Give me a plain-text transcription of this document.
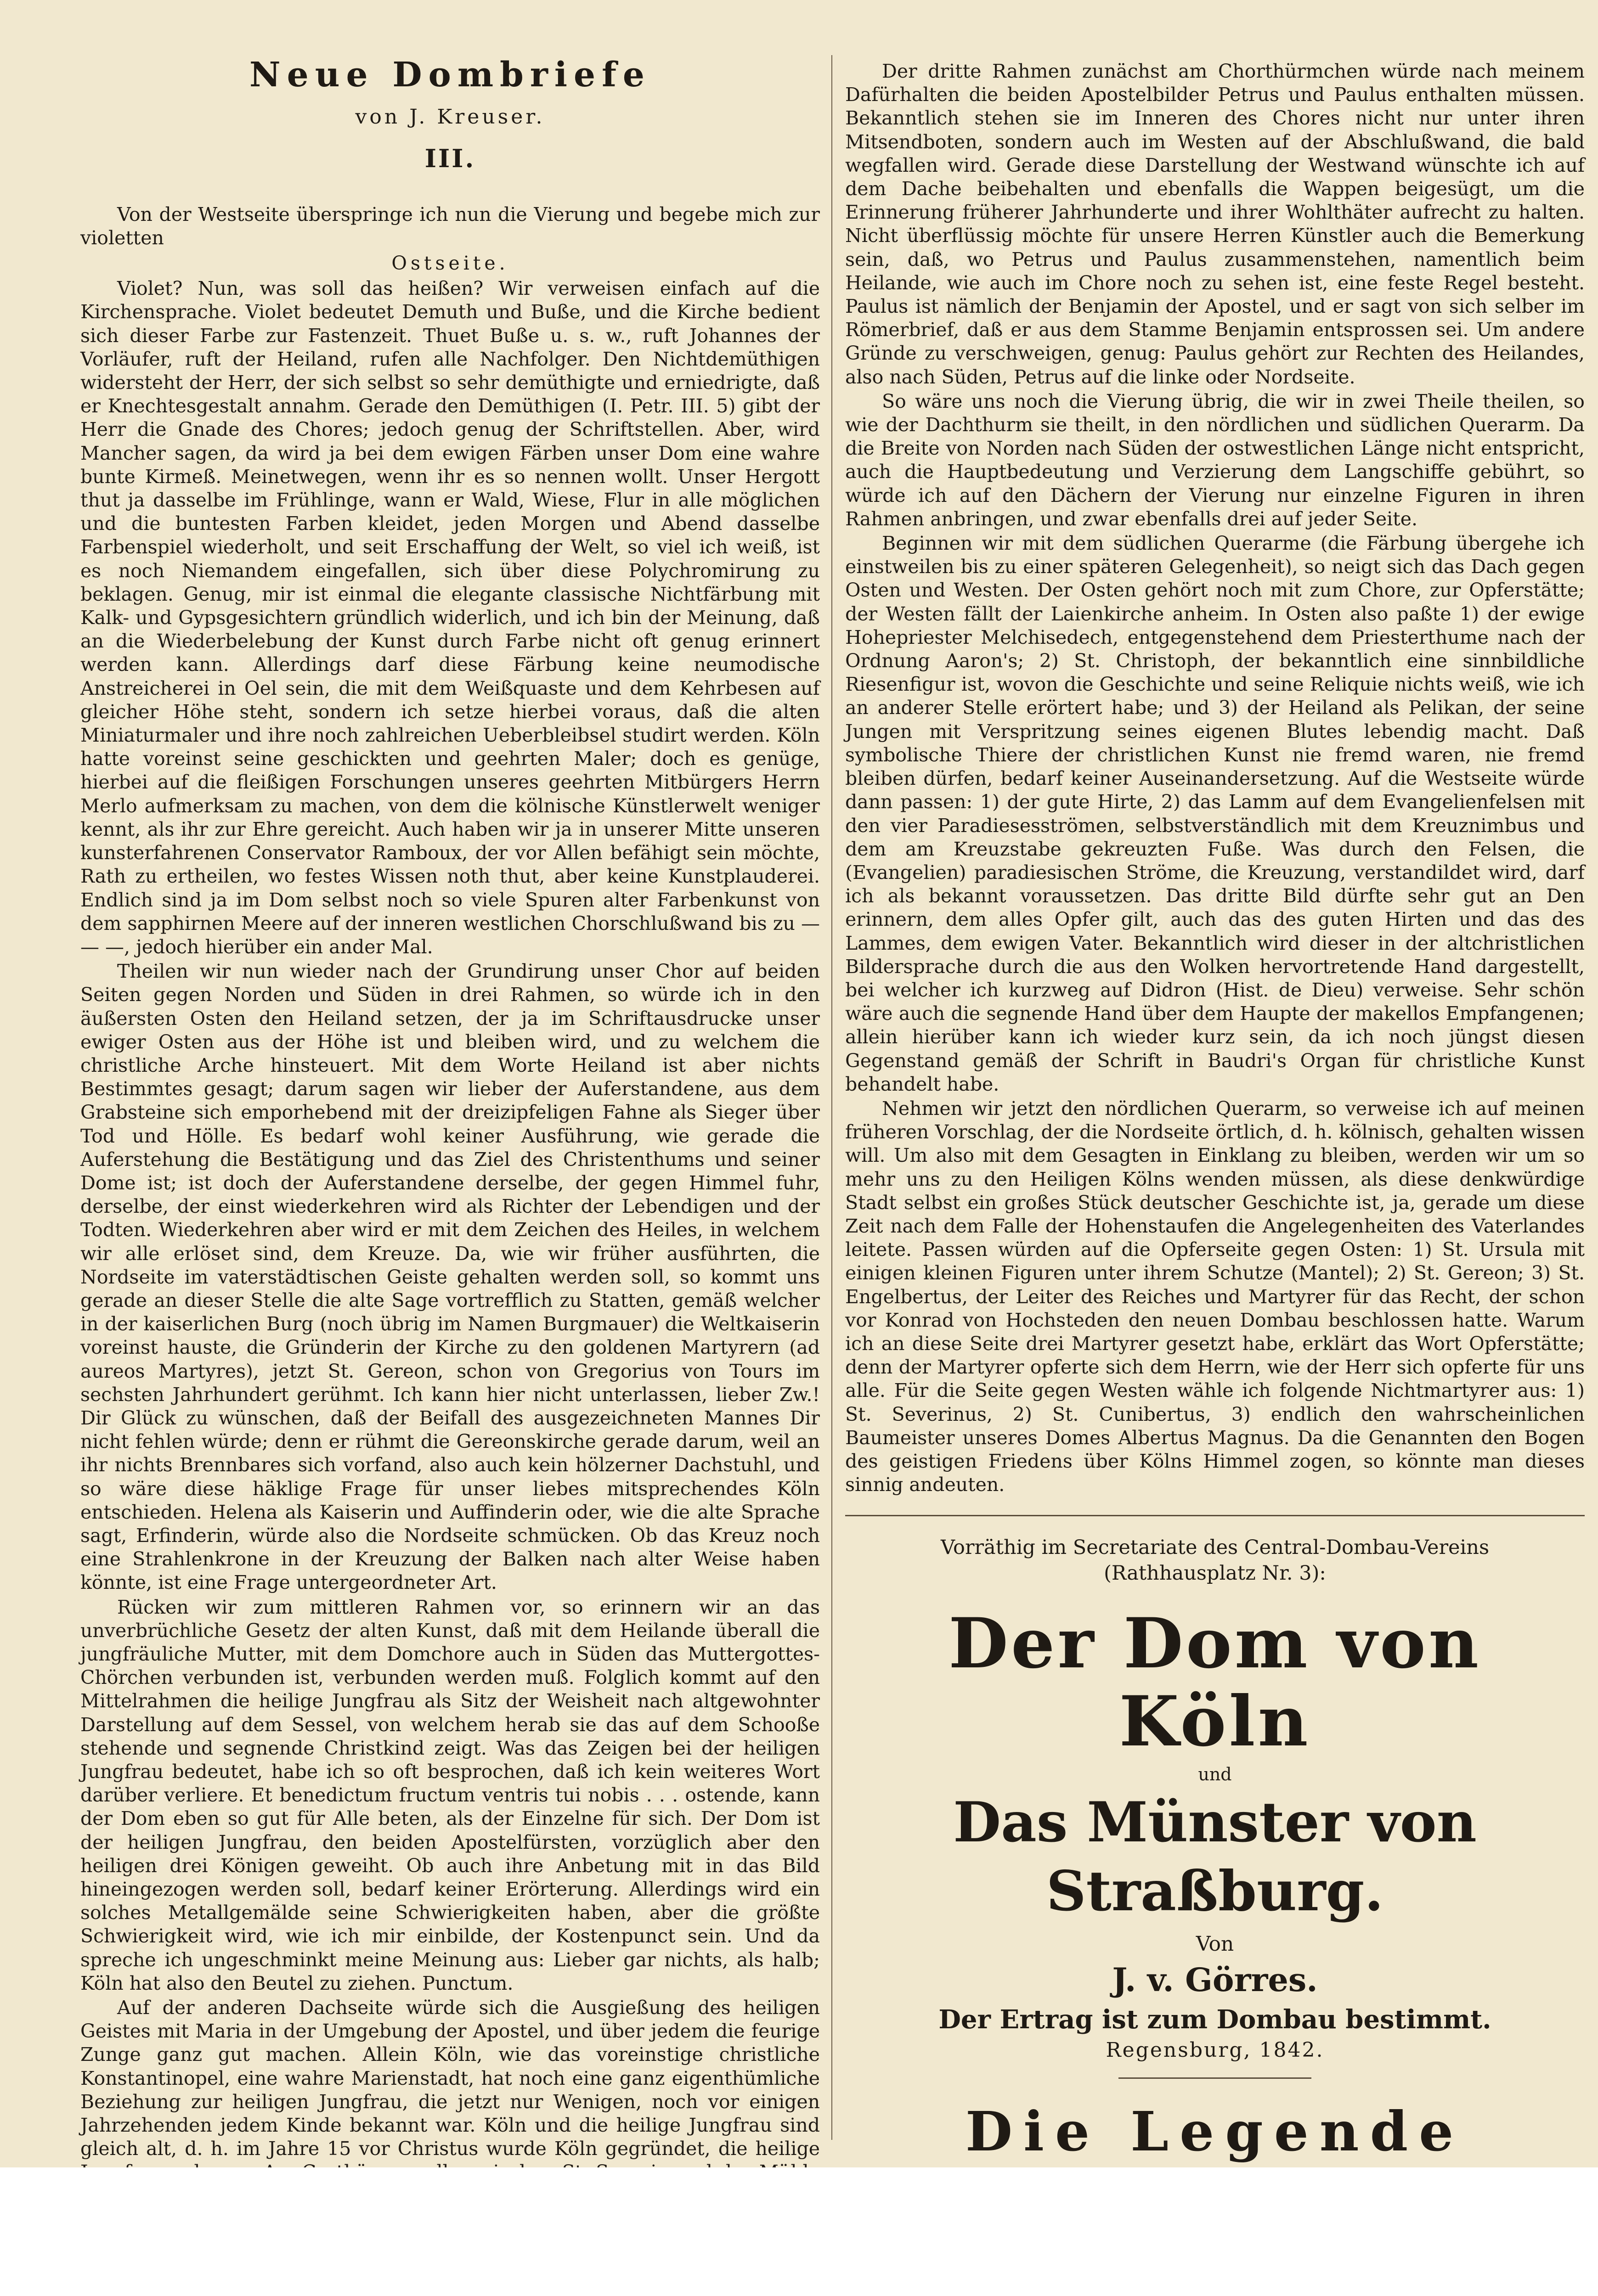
Neue Dombriefe
von J. Kreuser.
III.

Von der Westseite überspringe ich nun die Vierung und begebe mich zur violetten

Ostseite.

Violet? Nun, was soll das heißen? Wir verweisen einfach auf die Kirchensprache. Violet bedeutet Demuth und Buße, und die Kirche bedient sich dieser Farbe zur Fastenzeit. Thuet Buße u. s. w., ruft Johannes der Vorläufer, ruft der Heiland, rufen alle Nachfolger. Den Nichtdemüthigen widersteht der Herr, der sich selbst so sehr demüthigte und erniedrigte, daß er Knechtesgestalt annahm. Gerade den Demüthigen (I. Petr. III. 5) gibt der Herr die Gnade des Chores; jedoch genug der Schriftstellen. Aber, wird Mancher sagen, da wird ja bei dem ewigen Färben unser Dom eine wahre bunte Kirmeß. Meinetwegen, wenn ihr es so nennen wollt. Unser Hergott thut ja dasselbe im Frühlinge, wann er Wald, Wiese, Flur in alle möglichen und die buntesten Farben kleidet, jeden Morgen und Abend dasselbe Farbenspiel wiederholt, und seit Erschaffung der Welt, so viel ich weiß, ist es noch Niemandem eingefallen, sich über diese Polychromirung zu beklagen. Genug, mir ist einmal die elegante classische Nichtfärbung mit Kalk- und Gypsgesichtern gründlich widerlich, und ich bin der Meinung, daß an die Wiederbelebung der Kunst durch Farbe nicht oft genug erinnert werden kann. Allerdings darf diese Färbung keine neumodische Anstreicherei in Oel sein, die mit dem Weißquaste und dem Kehrbesen auf gleicher Höhe steht, sondern ich setze hierbei voraus, daß die alten Miniaturmaler und ihre noch zahlreichen Ueberbleibsel studirt werden. Köln hatte voreinst seine geschickten und geehrten Maler; doch es genüge, hierbei auf die fleißigen Forschungen unseres geehrten Mitbürgers Herrn Merlo aufmerksam zu machen, von dem die kölnische Künstlerwelt weniger kennt, als ihr zur Ehre gereicht. Auch haben wir ja in unserer Mitte unseren kunsterfahrenen Conservator Ramboux, der vor Allen befähigt sein möchte, Rath zu ertheilen, wo festes Wissen noth thut, aber keine Kunstplauderei. Endlich sind ja im Dom selbst noch so viele Spuren alter Farbenkunst von dem sapphirnen Meere auf der inneren westlichen Chorschlußwand bis zu — — —, jedoch hierüber ein ander Mal.

Theilen wir nun wieder nach der Grundirung unser Chor auf beiden Seiten gegen Norden und Süden in drei Rahmen, so würde ich in den äußersten Osten den Heiland setzen, der ja im Schriftausdrucke unser ewiger Osten aus der Höhe ist und bleiben wird, und zu welchem die christliche Arche hinsteuert. Mit dem Worte Heiland ist aber nichts Bestimmtes gesagt; darum sagen wir lieber der Auferstandene, aus dem Grabsteine sich emporhebend mit der dreizipfeligen Fahne als Sieger über Tod und Hölle. Es bedarf wohl keiner Ausführung, wie gerade die Auferstehung die Bestätigung und das Ziel des Christenthums und seiner Dome ist; ist doch der Auferstandene derselbe, der gegen Himmel fuhr, derselbe, der einst wiederkehren wird als Richter der Lebendigen und der Todten. Wiederkehren aber wird er mit dem Zeichen des Heiles, in welchem wir alle erlöset sind, dem Kreuze. Da, wie wir früher ausführten, die Nordseite im vaterstädtischen Geiste gehalten werden soll, so kommt uns gerade an dieser Stelle die alte Sage vortrefflich zu Statten, gemäß welcher in der kaiserlichen Burg (noch übrig im Namen Burgmauer) die Weltkaiserin voreinst hauste, die Gründerin der Kirche zu den goldenen Martyrern (ad aureos Martyres), jetzt St. Gereon, schon von Gregorius von Tours im sechsten Jahrhundert gerühmt. Ich kann hier nicht unterlassen, lieber Zw.! Dir Glück zu wünschen, daß der Beifall des ausgezeichneten Mannes Dir nicht fehlen würde; denn er rühmt die Gereonskirche gerade darum, weil an ihr nichts Brennbares sich vorfand, also auch kein hölzerner Dachstuhl, und so wäre diese häklige Frage für unser liebes mitsprechendes Köln entschieden. Helena als Kaiserin und Auffinderin oder, wie die alte Sprache sagt, Erfinderin, würde also die Nordseite schmücken. Ob das Kreuz noch eine Strahlenkrone in der Kreuzung der Balken nach alter Weise haben könnte, ist eine Frage untergeordneter Art.

Rücken wir zum mittleren Rahmen vor, so erinnern wir an das unverbrüchliche Gesetz der alten Kunst, daß mit dem Heilande überall die jungfräuliche Mutter, mit dem Domchore auch in Süden das Muttergottes-Chörchen verbunden ist, verbunden werden muß. Folglich kommt auf den Mittelrahmen die heilige Jungfrau als Sitz der Weisheit nach altgewohnter Darstellung auf dem Sessel, von welchem herab sie das auf dem Schooße stehende und segnende Christkind zeigt. Was das Zeigen bei der heiligen Jungfrau bedeutet, habe ich so oft besprochen, daß ich kein weiteres Wort darüber verliere. Et benedictum fructum ventris tui nobis . . . ostende, kann der Dom eben so gut für Alle beten, als der Einzelne für sich. Der Dom ist der heiligen Jungfrau, den beiden Apostelfürsten, vorzüglich aber den heiligen drei Königen geweiht. Ob auch ihre Anbetung mit in das Bild hineingezogen werden soll, bedarf keiner Erörterung. Allerdings wird ein solches Metallgemälde seine Schwierigkeiten haben, aber die größte Schwierigkeit wird, wie ich mir einbilde, der Kostenpunct sein. Und da spreche ich ungeschminkt meine Meinung aus: Lieber gar nichts, als halb; Köln hat also den Beutel zu ziehen. Punctum.

Auf der anderen Dachseite würde sich die Ausgießung des heiligen Geistes mit Maria in der Umgebung der Apostel, und über jedem die feurige Zunge ganz gut machen. Allein Köln, wie das voreinstige christliche Konstantinopel, eine wahre Marienstadt, hat noch eine ganz eigenthümliche Beziehung zur heiligen Jungfrau, die jetzt nur Wenigen, noch vor einigen Jahrzehenden jedem Kinde bekannt war. Köln und die heilige Jungfrau sind gleich alt, d. h. im Jahre 15 vor Christus wurde Köln gegründet, die heilige

Der dritte Rahmen zunächst am Chorthürmchen würde nach meinem Dafürhalten die beiden Apostelbilder Petrus und Paulus enthalten müssen. Bekanntlich stehen sie im Inneren des Chores nicht nur unter ihren Mitsendboten, sondern auch im Westen auf der Abschlußwand, die bald wegfallen wird. Gerade diese Darstellung der Westwand wünschte ich auf dem Dache beibehalten und ebenfalls die Wappen beigesügt, um die Erinnerung früherer Jahrhunderte und ihrer Wohlthäter aufrecht zu halten. Nicht überflüssig möchte für unsere Herren Künstler auch die Bemerkung sein, daß, wo Petrus und Paulus zusammenstehen, namentlich beim Heilande, wie auch im Chore noch zu sehen ist, eine feste Regel besteht. Paulus ist nämlich der Benjamin der Apostel, und er sagt von sich selber im Römerbrief, daß er aus dem Stamme Benjamin entsprossen sei. Um andere Gründe zu verschweigen, genug: Paulus gehört zur Rechten des Heilandes, also nach Süden, Petrus auf die linke oder Nordseite.

So wäre uns noch die Vierung übrig, die wir in zwei Theile theilen, so wie der Dachthurm sie theilt, in den nördlichen und südlichen Querarm. Da die Breite von Norden nach Süden der ostwestlichen Länge nicht entspricht, auch die Hauptbedeutung und Verzierung dem Langschiffe gebührt, so würde ich auf den Dächern der Vierung nur einzelne Figuren in ihren Rahmen anbringen, und zwar ebenfalls drei auf jeder Seite.

Beginnen wir mit dem südlichen Querarme (die Färbung übergehe ich einstweilen bis zu einer späteren Gelegenheit), so neigt sich das Dach gegen Osten und Westen. Der Osten gehört noch mit zum Chore, zur Opferstätte; der Westen fällt der Laienkirche anheim. In Osten also paßte 1) der ewige Hohepriester Melchisedech, entgegenstehend dem Priesterthume nach der Ordnung Aaron's; 2) St. Christoph, der bekanntlich eine sinnbildliche Riesenfigur ist, wovon die Geschichte und seine Reliquie nichts weiß, wie ich an anderer Stelle erörtert habe; und 3) der Heiland als Pelikan, der seine Jungen mit Verspritzung seines eigenen Blutes lebendig macht. Daß symbolische Thiere der christlichen Kunst nie fremd waren, nie fremd bleiben dürfen, bedarf keiner Auseinandersetzung. Auf die Westseite würde dann passen: 1) der gute Hirte, 2) das Lamm auf dem Evangelienfelsen mit den vier Paradiesesströmen, selbstverständlich mit dem Kreuznimbus und dem am Kreuzstabe gekreuzten Fuße. Was durch den Felsen, die (Evangelien) paradiesischen Ströme, die Kreuzung, verstandildet wird, darf ich als bekannt voraussetzen. Das dritte Bild dürfte sehr gut an Den erinnern, dem alles Opfer gilt, auch das des guten Hirten und das des Lammes, dem ewigen Vater. Bekanntlich wird dieser in der altchristlichen Bildersprache durch die aus den Wolken hervortretende Hand dargestellt, bei welcher ich kurzweg auf Didron (Hist. de Dieu) verweise. Sehr schön wäre auch die segnende Hand über dem Haupte der makellos Empfangenen; allein hierüber kann ich wieder kurz sein, da ich noch jüngst diesen Gegenstand gemäß der Schrift in Baudri's Organ für christliche Kunst behandelt habe.

Nehmen wir jetzt den nördlichen Querarm, so verweise ich auf meinen früheren Vorschlag, der die Nordseite örtlich, d. h. kölnisch, gehalten wissen will. Um also mit dem Gesagten in Einklang zu bleiben, werden wir um so mehr uns zu den Heiligen Kölns wenden müssen, als diese denkwürdige Stadt selbst ein großes Stück deutscher Geschichte ist, ja, gerade um diese Zeit nach dem Falle der Hohenstaufen die Angelegenheiten des Vaterlandes leitete. Passen würden auf die Opferseite gegen Osten: 1) St. Ursula mit einigen kleinen Figuren unter ihrem Schutze (Mantel); 2) St. Gereon; 3) St. Engelbertus, der Leiter des Reiches und Martyrer für das Recht, der schon vor Konrad von Hochsteden den neuen Dombau beschlossen hatte. Warum ich an diese Seite drei Martyrer gesetzt habe, erklärt das Wort Opferstätte; denn der Martyrer opferte sich dem Herrn, wie der Herr sich opferte für uns alle. Für die Seite gegen Westen wähle ich folgende Nichtmartyrer aus: 1) St. Severinus, 2) St. Cunibertus, 3) endlich den wahrscheinlichen Baumeister unseres Domes Albertus Magnus. Da die Genannten den Bogen des geistigen Friedens über Kölns Himmel zogen, so könnte man dieses sinnig andeuten.

Vorräthig im Secretariate des Central-Dombau-Vereins
(Rathhausplatz Nr. 3):
Der Dom von Köln
und
Das Münster von Straßburg.
Von
J. v. Görres.
Der Ertrag ist zum Dombau bestimmt.
Regensburg, 1842.
Die Legende
